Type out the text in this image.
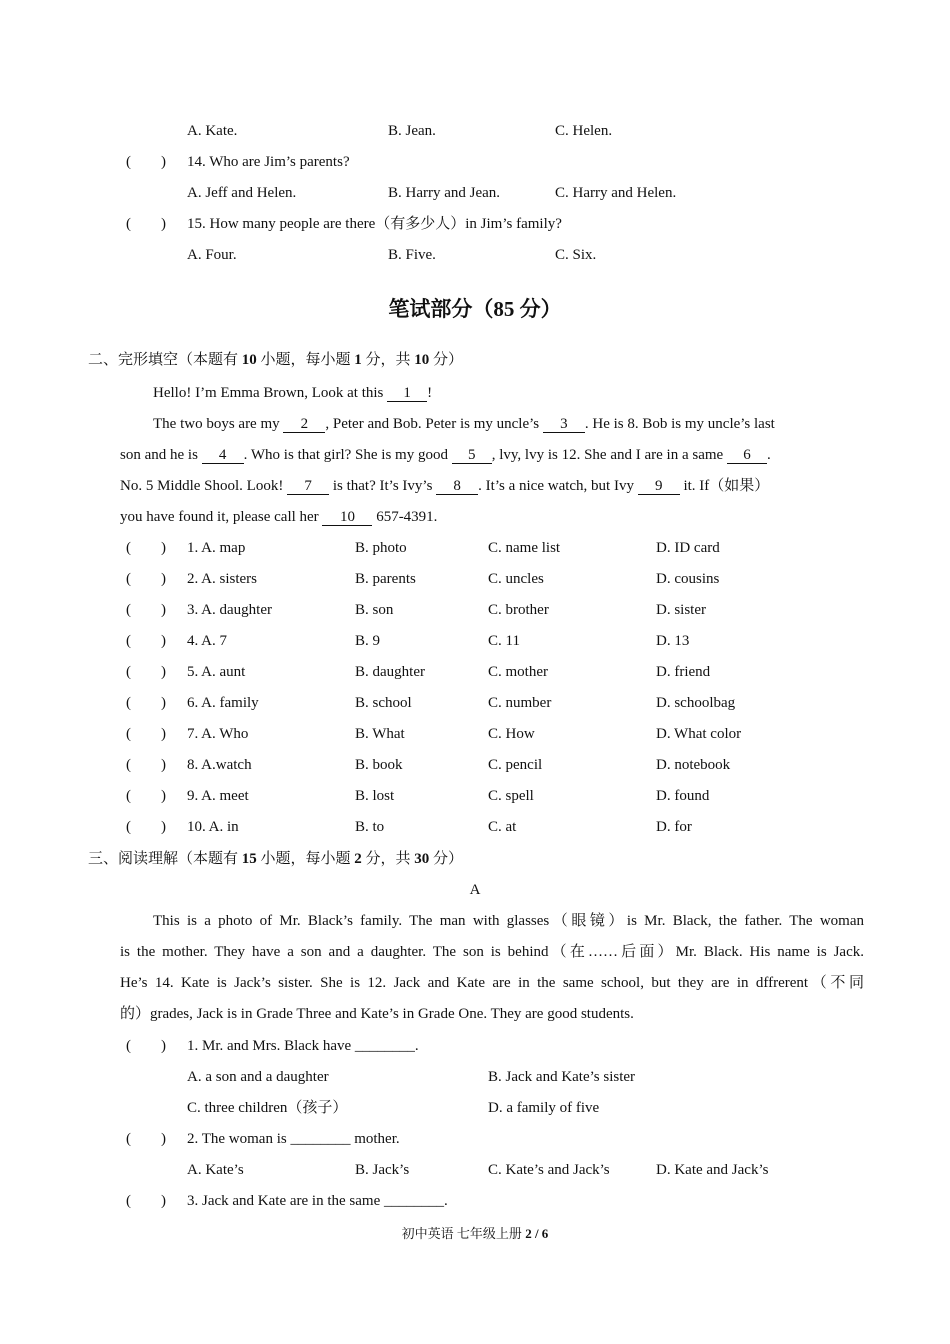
A. Kate.	B. Jean.	C. Helen.
(　　) 14. Who are Jim’s parents?
A. Jeff and Helen.	B. Harry and Jean.	C. Harry and Helen.
(　　) 15. How many people are there（有多少人）in Jim’s family?
A. Four.	B. Five.	C. Six.
笔试部分（85 分）
二、完形填空（本题有 10 小题，每小题 1 分，共 10 分）
Hello! I’m Emma Brown, Look at this 1 !
The two boys are my 2 , Peter and Bob. Peter is my uncle’s 3 . He is 8. Bob is my uncle’s last
son and he is 4 . Who is that girl? She is my good 5 , lvy, lvy is 12. She and I are in a same 6 .
No. 5 Middle Shool. Look! 7 is that? It’s Ivy’s 8 . It’s a nice watch, but Ivy 9 it. If（如果）
you have found it, please call her 10 657-4391.
(　　) 1. A. map	B. photo	C. name list	D. ID card
(　　) 2. A. sisters	B. parents	C. uncles	D. cousins
(　　) 3. A. daughter	B. son	C. brother	D. sister
(　　) 4. A. 7	B. 9	C. 11	D. 13
(　　) 5. A. aunt	B. daughter	C. mother	D. friend
(　　) 6. A. family	B. school	C. number	D. schoolbag
(　　) 7. A. Who	B. What	C. How	D. What color
(　　) 8. A.watch	B. book	C. pencil	D. notebook
(　　) 9. A. meet	B. lost	C. spell	D. found
(　　) 10. A. in	B. to	C. at	D. for
三、阅读理解（本题有 15 小题，每小题 2 分，共 30 分）
A
This is a photo of Mr. Black’s family. The man with glasses（眼镜）is Mr. Black, the father. The woman
is the mother. They have a son and a daughter. The son is behind（在……后面）Mr. Black. His name is Jack.
He’s 14. Kate is Jack’s sister. She is 12. Jack and Kate are in the same school, but they are in dffrerent（不同
的）grades, Jack is in Grade Three and Kate’s in Grade One. They are good students.
(　　) 1. Mr. and Mrs. Black have ________.
A. a son and a daughter	B. Jack and Kate’s sister
C. three children（孩子）	D. a family of five
(　　) 2. The woman is ________ mother.
A. Kate’s	B. Jack’s	C. Kate’s and Jack’s	D. Kate and Jack’s
(　　) 3. Jack and Kate are in the same ________.
初中英语 七年级上册 2 / 6
